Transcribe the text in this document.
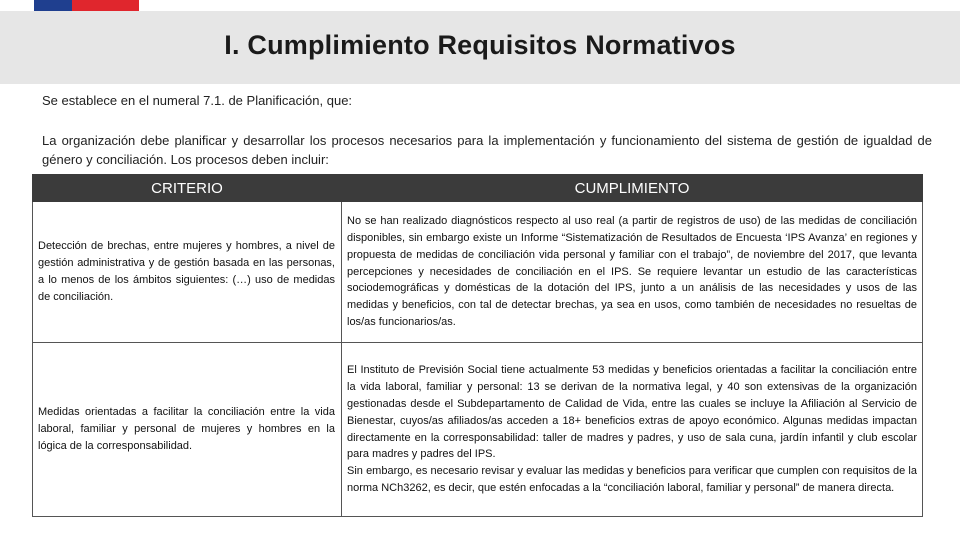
I. Cumplimiento Requisitos Normativos
Se establece en el numeral 7.1. de Planificación, que:
La organización debe planificar y desarrollar los procesos necesarios para la implementación y funcionamiento del sistema de gestión de igualdad de género y conciliación. Los procesos deben incluir:
CRITERIO	CUMPLIMIENTO
Detección de brechas, entre mujeres y hombres, a nivel de gestión administrativa y de gestión basada en las personas, a lo menos de los ámbitos siguientes: (…) uso de medidas de conciliación.	No se han realizado diagnósticos respecto al uso real (a partir de registros de uso) de las medidas de conciliación disponibles, sin embargo existe un Informe “Sistematización de Resultados de Encuesta ‘IPS Avanza’ en regiones y propuesta de medidas de conciliación vida personal y familiar con el trabajo”, de noviembre del 2017, que levanta percepciones y necesidades de conciliación en el IPS. Se requiere levantar un estudio de las características sociodemográficas y domésticas de la dotación del IPS, junto a un análisis de las necesidades y usos de las medidas y beneficios, con tal de detectar brechas, ya sea en usos, como también de necesidades no resueltas de los/as funcionarios/as.
Medidas orientadas a facilitar la conciliación entre la vida laboral, familiar y personal de mujeres y hombres en la lógica de la corresponsabilidad.	El Instituto de Previsión Social tiene actualmente 53 medidas y beneficios orientadas a facilitar la conciliación entre la vida laboral, familiar y personal: 13 se derivan de la normativa legal, y 40 son extensivas de la organización gestionadas desde el Subdepartamento de Calidad de Vida, entre las cuales se incluye la Afiliación al Servicio de Bienestar, cuyos/as afiliados/as acceden a 18+ beneficios extras de apoyo económico. Algunas medidas impactan directamente en la corresponsabilidad: taller de madres y padres, y uso de sala cuna, jardín infantil y club escolar para madres y padres del IPS.
Sin embargo, es necesario revisar y evaluar las medidas y beneficios para verificar que cumplen con requisitos de la norma NCh3262, es decir, que estén enfocadas a la “conciliación laboral, familiar y personal” de manera directa.
